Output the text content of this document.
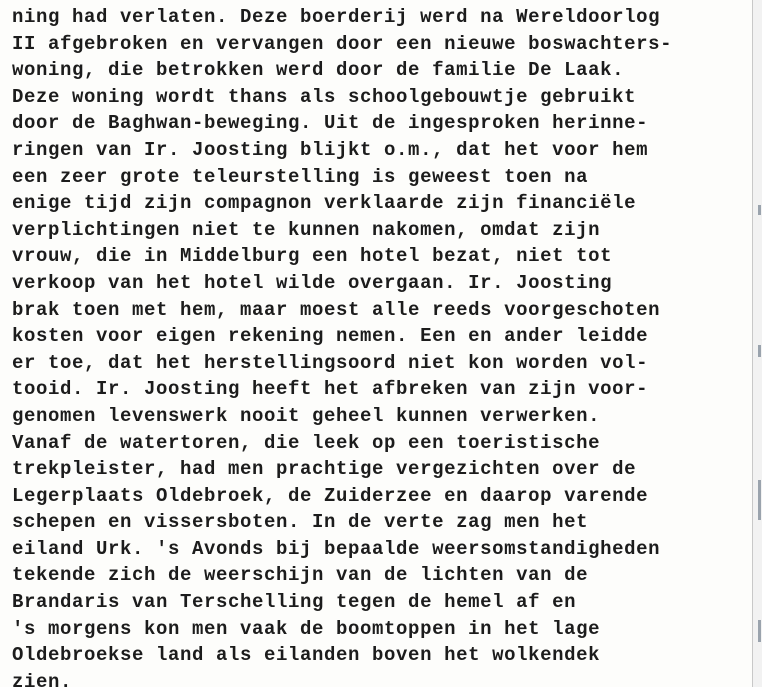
ning had verlaten. Deze boerderij werd na Wereldoorlog
II afgebroken en vervangen door een nieuwe boswachters-
woning, die betrokken werd door de familie De Laak.
Deze woning wordt thans als schoolgebouwtje gebruikt
door de Baghwan-beweging. Uit de ingesproken herinne-
ringen van Ir. Joosting blijkt o.m., dat het voor hem
een zeer grote teleurstelling is geweest toen na
enige tijd zijn compagnon verklaarde zijn financiële
verplichtingen niet te kunnen nakomen, omdat zijn
vrouw, die in Middelburg een hotel bezat, niet tot
verkoop van het hotel wilde overgaan. Ir. Joosting
brak toen met hem, maar moest alle reeds voorgeschoten
kosten voor eigen rekening nemen. Een en ander leidde
er toe, dat het herstellingsoord niet kon worden vol-
tooid. Ir. Joosting heeft het afbreken van zijn voor-
genomen levenswerk nooit geheel kunnen verwerken.
Vanaf de watertoren, die leek op een toeristische
trekpleister, had men prachtige vergezichten over de
Legerplaats Oldebroek, de Zuiderzee en daarop varende
schepen en vissersboten. In de verte zag men het
eiland Urk. 's Avonds bij bepaalde weersomstandigheden
tekende zich de weerschijn van de lichten van de
Brandaris van Terschelling tegen de hemel af en
's morgens kon men vaak de boomtoppen in het lage
Oldebroekse land als eilanden boven het wolkendek
zien.
